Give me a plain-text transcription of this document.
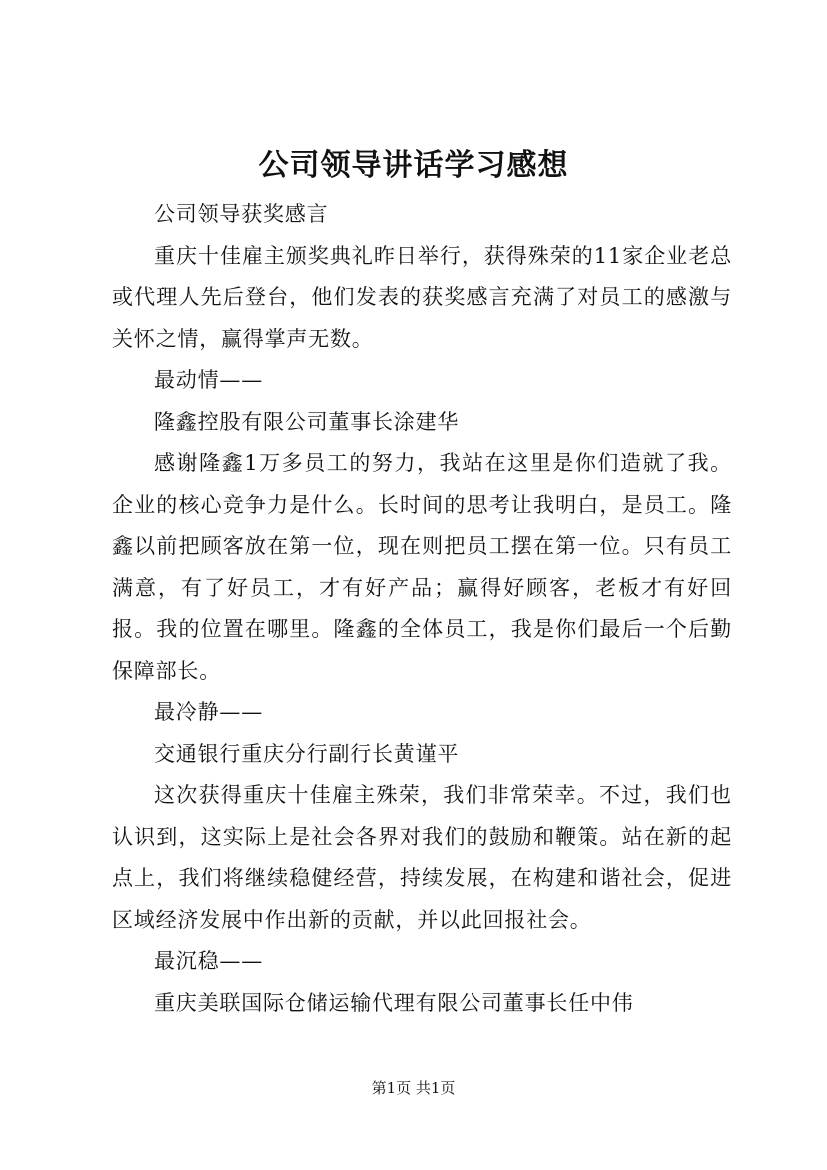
公司领导讲话学习感想

公司领导获奖感言

重庆十佳雇主颁奖典礼昨日举行，获得殊荣的11家企业老总或代理人先后登台，他们发表的获奖感言充满了对员工的感激与关怀之情，赢得掌声无数。

最动情——

隆鑫控股有限公司董事长涂建华

感谢隆鑫1万多员工的努力，我站在这里是你们造就了我。企业的核心竞争力是什么。长时间的思考让我明白，是员工。隆鑫以前把顾客放在第一位，现在则把员工摆在第一位。只有员工满意，有了好员工，才有好产品；赢得好顾客，老板才有好回报。我的位置在哪里。隆鑫的全体员工，我是你们最后一个后勤保障部长。

最冷静——

交通银行重庆分行副行长黄谨平

这次获得重庆十佳雇主殊荣，我们非常荣幸。不过，我们也认识到，这实际上是社会各界对我们的鼓励和鞭策。站在新的起点上，我们将继续稳健经营，持续发展，在构建和谐社会，促进区域经济发展中作出新的贡献，并以此回报社会。

最沉稳——

重庆美联国际仓储运输代理有限公司董事长任中伟

第1页 共1页
